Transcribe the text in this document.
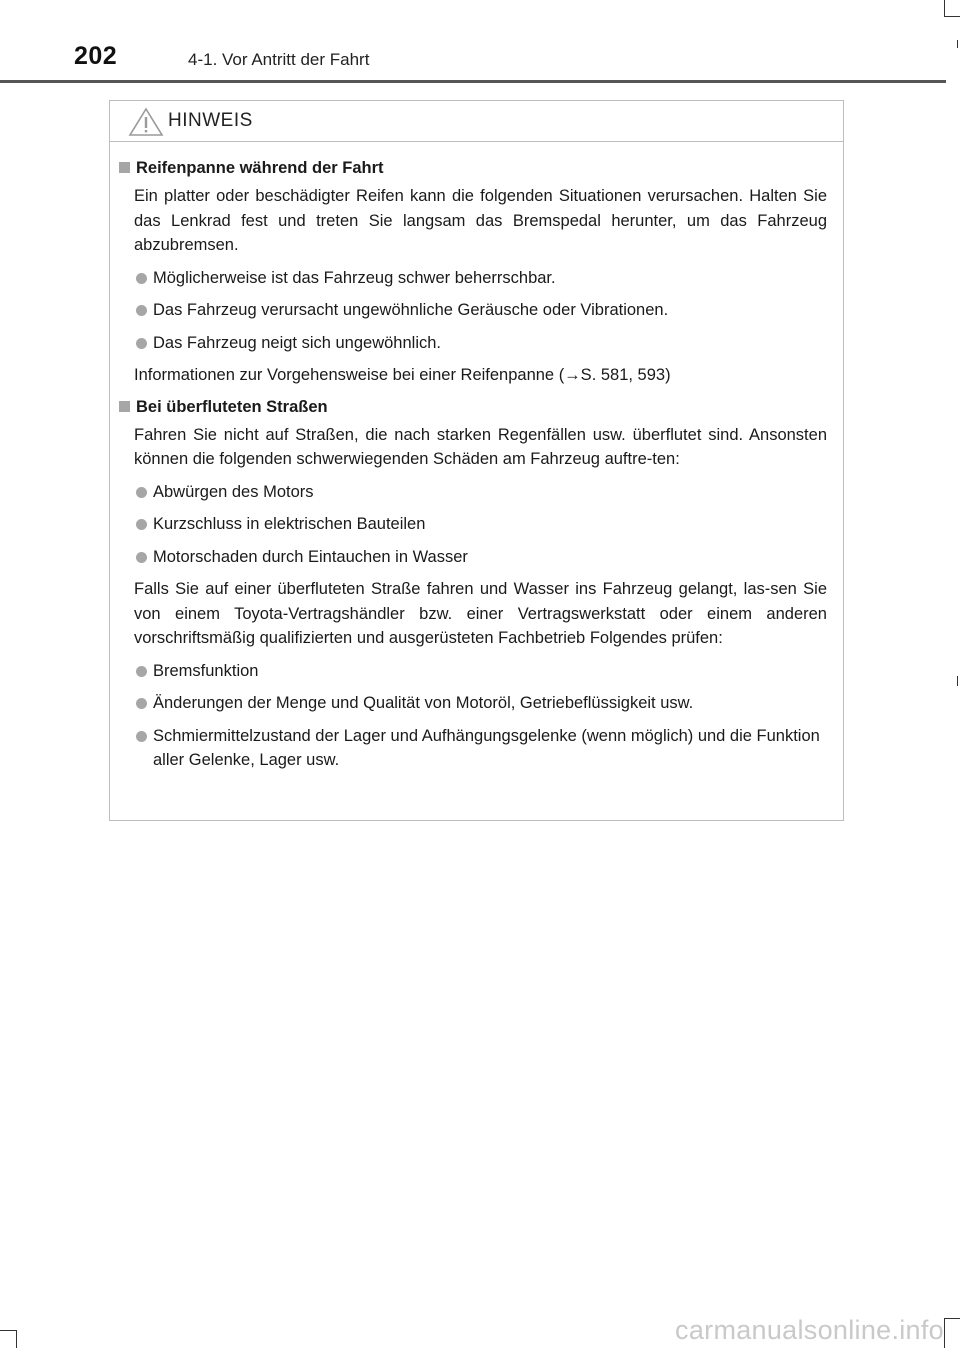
202	4-1. Vor Antritt der Fahrt
HINWEIS
Reifenpanne während der Fahrt
Ein platter oder beschädigter Reifen kann die folgenden Situationen verursachen. Halten Sie das Lenkrad fest und treten Sie langsam das Bremspedal herunter, um das Fahrzeug abzubremsen.
Möglicherweise ist das Fahrzeug schwer beherrschbar.
Das Fahrzeug verursacht ungewöhnliche Geräusche oder Vibrationen.
Das Fahrzeug neigt sich ungewöhnlich.
Informationen zur Vorgehensweise bei einer Reifenpanne (→S. 581, 593)
Bei überfluteten Straßen
Fahren Sie nicht auf Straßen, die nach starken Regenfällen usw. überflutet sind. Ansonsten können die folgenden schwerwiegenden Schäden am Fahrzeug auftre-ten:
Abwürgen des Motors
Kurzschluss in elektrischen Bauteilen
Motorschaden durch Eintauchen in Wasser
Falls Sie auf einer überfluteten Straße fahren und Wasser ins Fahrzeug gelangt, las-sen Sie von einem Toyota-Vertragshändler bzw. einer Vertragswerkstatt oder einem anderen vorschriftsmäßig qualifizierten und ausgerüsteten Fachbetrieb Folgendes prüfen:
Bremsfunktion
Änderungen der Menge und Qualität von Motoröl, Getriebeflüssigkeit usw.
Schmiermittelzustand der Lager und Aufhängungsgelenke (wenn möglich) und die Funktion aller Gelenke, Lager usw.
carmanualsonline.info
